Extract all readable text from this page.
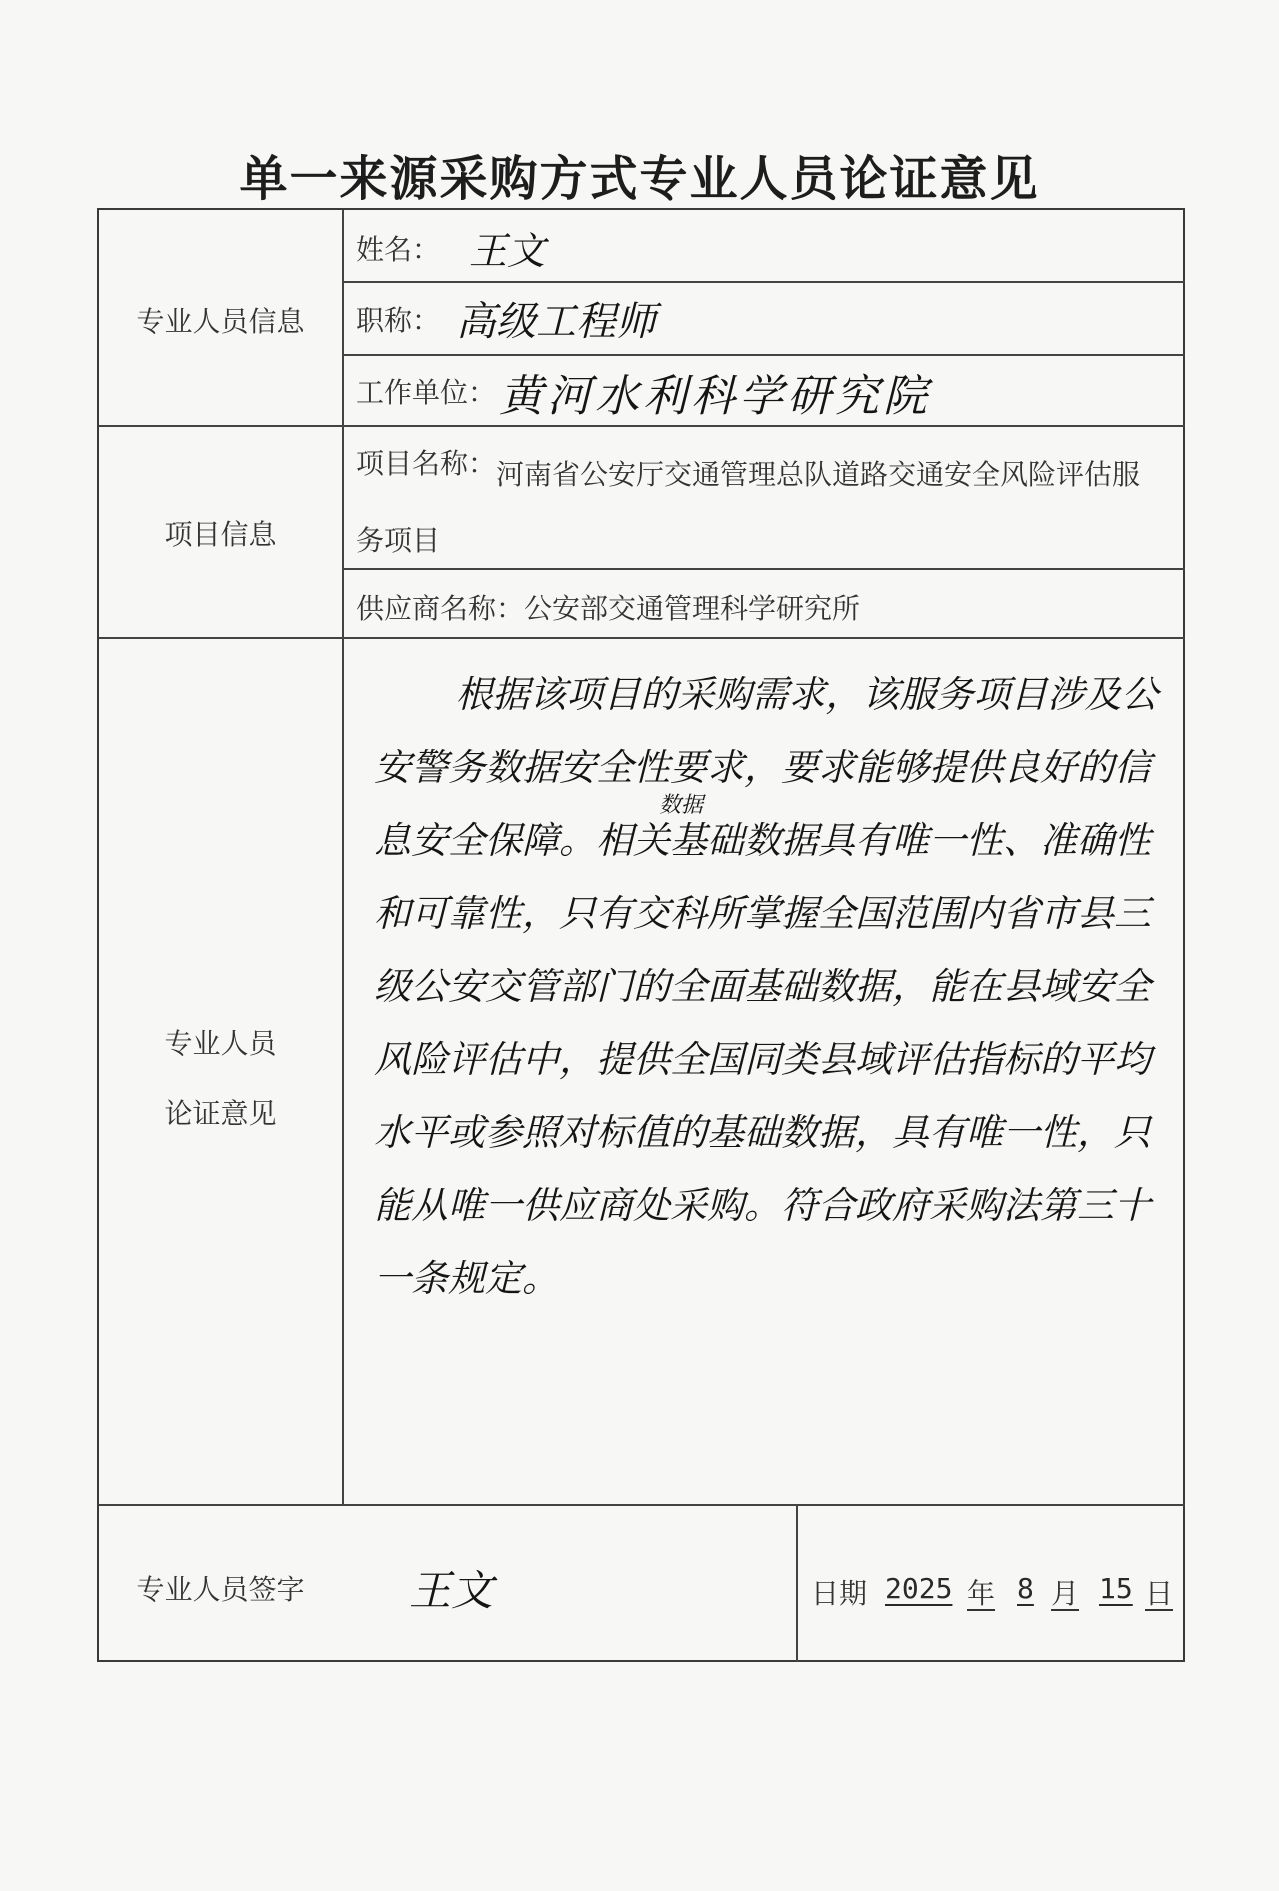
单一来源采购方式专业人员论证意见
专业人员信息
姓名： 王文
职称： 高级工程师
工作单位： 黄河水利科学研究院
项目信息
项目名称： 河南省公安厅交通管理总队道路交通安全风险评估服务项目
供应商名称： 公安部交通管理科学研究所
专业人员
论证意见
数据
根据该项目的采购需求，该服务项目涉及公安警务数据安全性要求，要求能够提供良好的信息安全保障。相关基础数据具有唯一性、准确性和可靠性，只有交科所掌握全国范围内省市县三级公安交管部门的全面基础数据，能在县域安全风险评估中，提供全国同类县域评估指标的平均水平或参照对标值的基础数据，具有唯一性，只能从唯一供应商处采购。符合政府采购法第三十一条规定。
专业人员签字	王文	日期 2025 年 8 月 15 日
